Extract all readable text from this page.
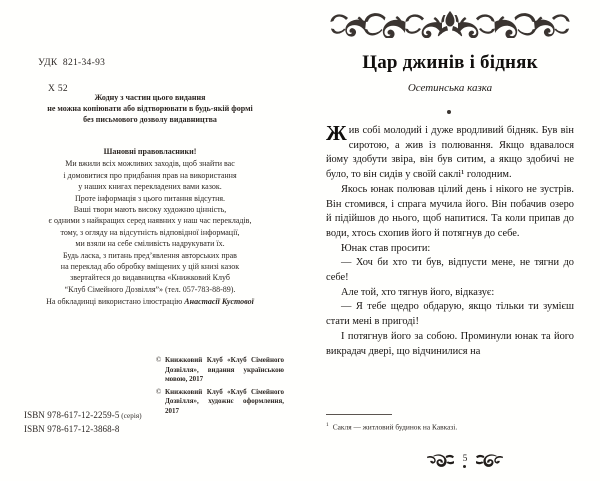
УДК  821-34-93

Х 52

Жодну з частин цього видання
не можна копіювати або відтворювати в будь-якій формі
без письмового дозволу видавництва
Шановні правовласники!

Ми вжили всіх можливих заходів, щоб знайти вас

і домовитися про придбання прав на використання

у наших книгах перекладених вами казок.

Проте інформація з цього питання відсутня.

Ваші твори мають високу художню цінність,

є одними з найкращих серед наявних у наш час перекладів,

тому, з огляду на відсутність відповідної інформації,

ми взяли на себе сміливість надрукувати їх.

Будь ласка, з питань пред’явлення авторських прав

на переклад або обробку вміщених у цій книзі казок

звертайтеся до видавництва «Книжковий Клуб

“Клуб Сімейного Дозвілля”» (тел. 057-783-88-89).

На обкладинці використано ілюстрацію Анастасії Кустової
© Книжковий Клуб «Клуб Сімейного Дозвілля», видання українською мовою, 2017
© Книжковий Клуб «Клуб Сімейного Дозвілля», художнє оформлення, 2017
ISBN 978-617-12-2259-5 (серія)
ISBN 978-617-12-3868-8
Цар джинів і бідняк
Осетинська казка

Жив собі молодий і дуже вродливий бідняк. Був він сиротою, а жив із полювання. Якщо вдавалося йому здобути звіра, він був ситим, а якщо здобичі не було, то він сидів у своїй саклі¹ голодним.

Якось юнак полював цілий день і нікого не зустрів. Він стомився, і спрага мучила його. Він побачив озеро й підійшов до нього, щоб напитися. Та коли припав до води, хтось схопив його й потягнув до себе.

Юнак став просити:

— Хоч би хто ти був, відпусти мене, не тягни до себе!

Але той, хто тягнув його, відказує:

— Я тебе щедро обдарую, якщо тільки ти зумієш стати мені в пригоді!

І потягнув його за собою. Проминули юнак та його викрадач двері, що відчинилися на

$^1$ Сакля — житловий будинок на Кавказі.
5
